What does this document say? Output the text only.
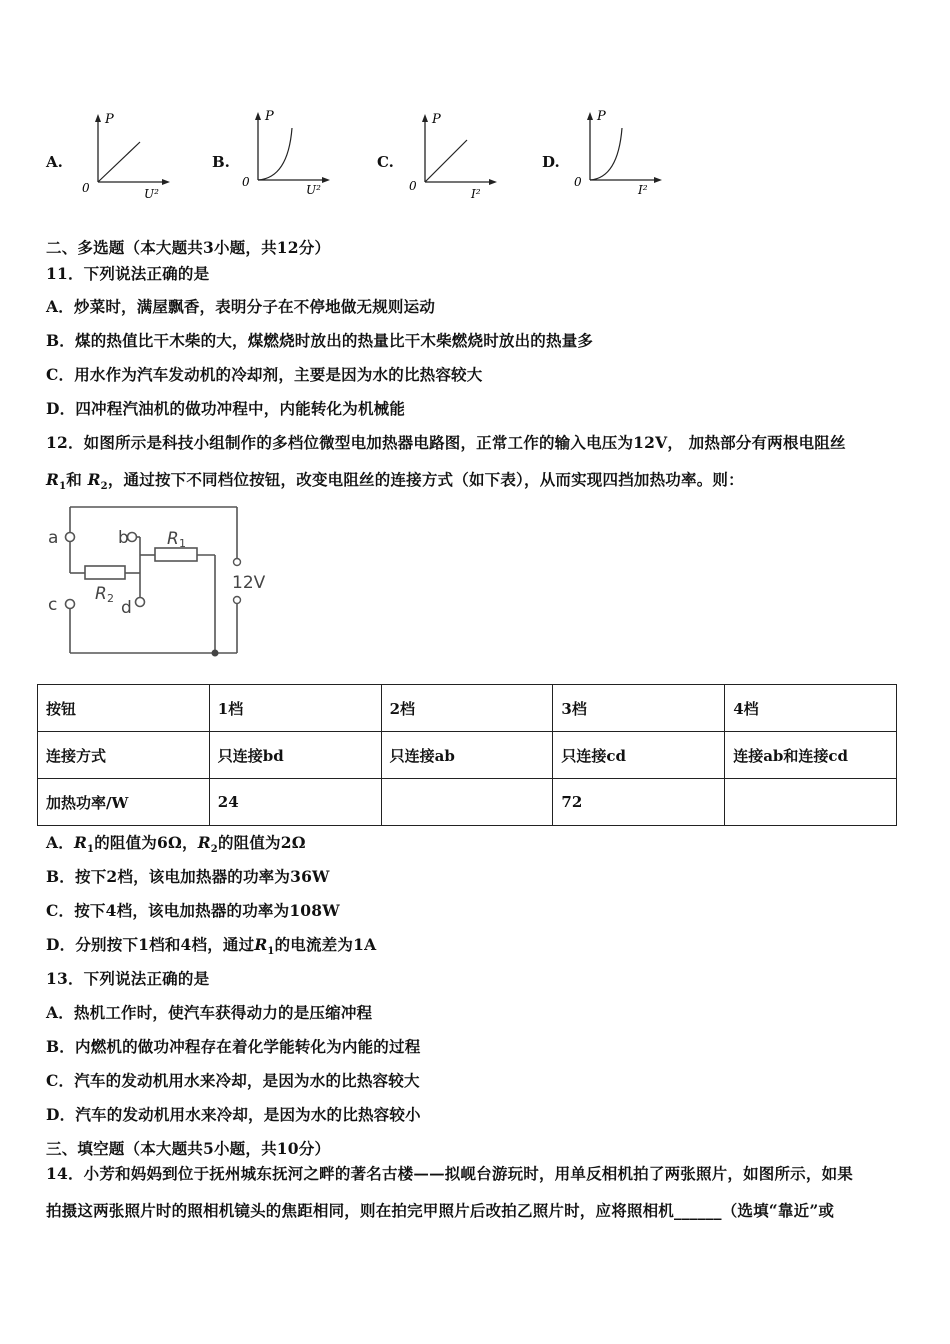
A.
P
0	U²
B.
P
0
U²
C.
P
0
I²
D.
P
0
I²
二、多选题（本大题共3小题，共12分）
11．下列说法正确的是
A．炒菜时，满屋飘香，表明分子在不停地做无规则运动
B．煤的热值比干木柴的大，煤燃烧时放出的热量比干木柴燃烧时放出的热量多
C．用水作为汽车发动机的冷却剂，主要是因为水的比热容较大
D．四冲程汽油机的做功冲程中，内能转化为机械能
12．如图所示是科技小组制作的多档位微型电加热器电路图，正常工作的输入电压为12V， 加热部分有两根电阻丝
$R_1$和 $R_2$，通过按下不同档位按钮，改变电阻丝的连接方式（如下表），从而实现四挡加热功率。则：
a	b
c	d
R 1
R 2
12V
按钮	1档	2档	3档	4档
连接方式	只连接bd	只连接ab	只连接cd	连接ab和连接cd
加热功率/W	24		72	
A．$R_1$的阻值为6Ω，$R_2$的阻值为2Ω
B．按下2档，该电加热器的功率为36W
C．按下4档，该电加热器的功率为108W
D．分别按下1档和4档，通过$R_1$的电流差为1A
13．下列说法正确的是
A．热机工作时，使汽车获得动力的是压缩冲程
B．内燃机的做功冲程存在着化学能转化为内能的过程
C．汽车的发动机用水来冷却，是因为水的比热容较大
D．汽车的发动机用水来冷却，是因为水的比热容较小
三、填空题（本大题共5小题，共10分）
14．小芳和妈妈到位于抚州城东抚河之畔的著名古楼——拟岘台游玩时，用单反相机拍了两张照片，如图所示，如果
拍摄这两张照片时的照相机镜头的焦距相同，则在拍完甲照片后改拍乙照片时，应将照相机______（选填“靠近”或
